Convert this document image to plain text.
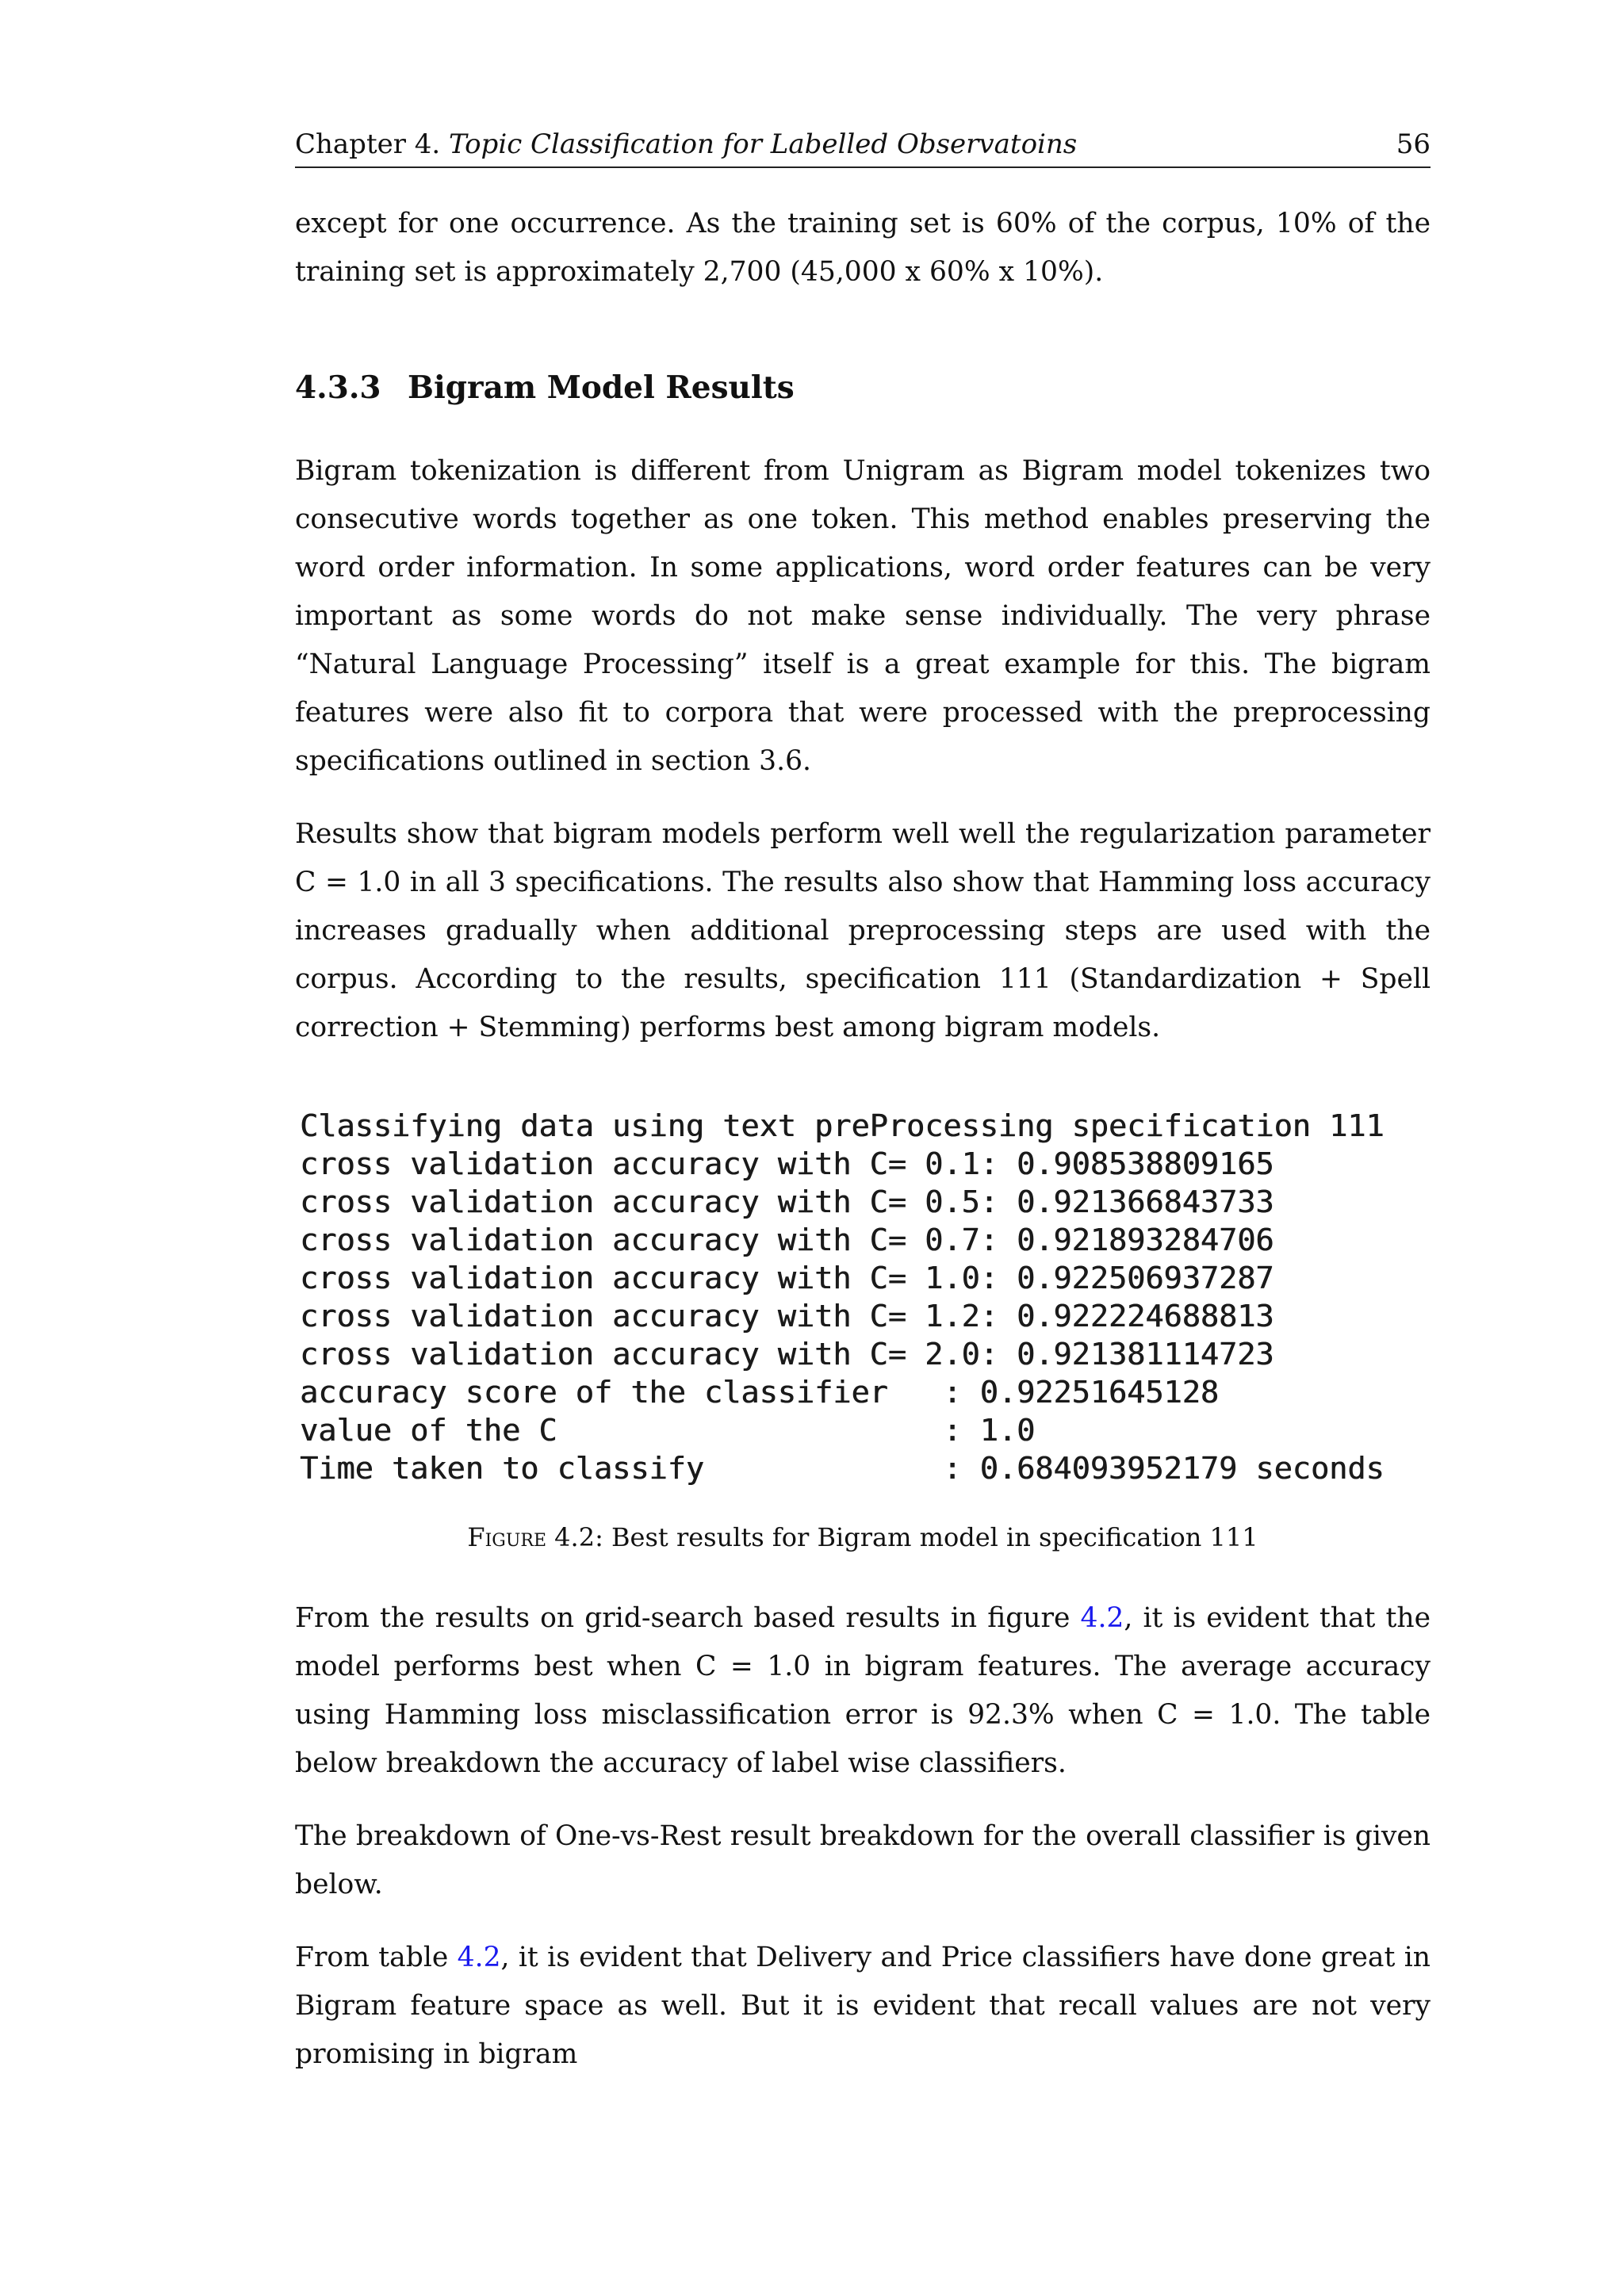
Chapter 4. Topic Classification for Labelled Observatoins	56

except for one occurrence. As the training set is 60% of the corpus, 10% of the training set is approximately 2,700 (45,000 x 60% x 10%).

4.3.3 Bigram Model Results

Bigram tokenization is different from Unigram as Bigram model tokenizes two consecutive words together as one token. This method enables preserving the word order information. In some applications, word order features can be very important as some words do not make sense individually. The very phrase “Natural Language Processing” itself is a great example for this. The bigram features were also fit to corpora that were processed with the preprocessing specifications outlined in section 3.6.

Results show that bigram models perform well well the regularization parameter C = 1.0 in all 3 specifications. The results also show that Hamming loss accuracy increases gradually when additional preprocessing steps are used with the corpus. According to the results, specification 111 (Standardization + Spell correction + Stemming) performs best among bigram models.

Classifying data using text preProcessing specification 111
cross validation accuracy with C= 0.1: 0.908538809165
cross validation accuracy with C= 0.5: 0.921366843733
cross validation accuracy with C= 0.7: 0.921893284706
cross validation accuracy with C= 1.0: 0.922506937287
cross validation accuracy with C= 1.2: 0.922224688813
cross validation accuracy with C= 2.0: 0.921381114723
accuracy score of the classifier   : 0.92251645128
value of the C                     : 1.0
Time taken to classify             : 0.684093952179 seconds
Figure 4.2: Best results for Bigram model in specification 111

From the results on grid-search based results in figure 4.2, it is evident that the model performs best when C = 1.0 in bigram features. The average accuracy using Hamming loss misclassification error is 92.3% when C = 1.0. The table below breakdown the accuracy of label wise classifiers.

The breakdown of One-vs-Rest result breakdown for the overall classifier is given below.

From table 4.2, it is evident that Delivery and Price classifiers have done great in Bigram feature space as well. But it is evident that recall values are not very promising in bigram
